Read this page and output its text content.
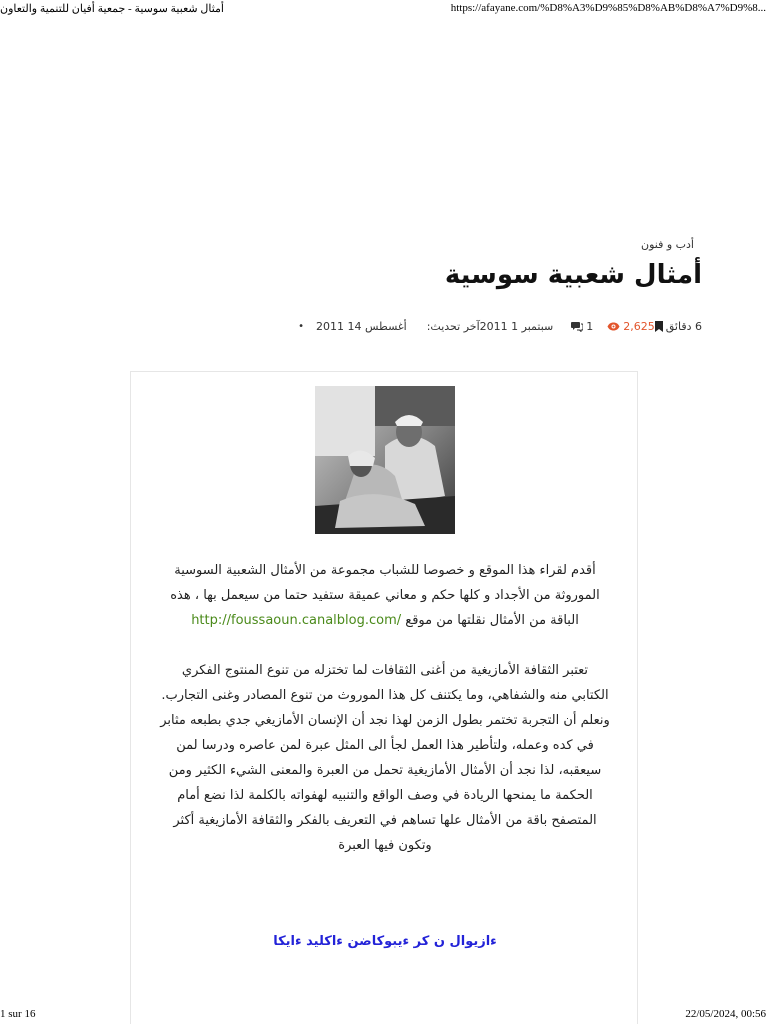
أمثال شعبية سوسية - جمعية أفيان للتنمية والتعاون	https://afayane.com/%D8%A3%D9%85%D8%AB%D8%A7%D9%8...
أدب و فنون
أمثال شعبية سوسية
• أغسطس 14 2011 آخر تحديث: سبتمبر 1 2011	1	2,625 6 دقائق
أقدم لقراء هذا الموقع و خصوصا للشباب مجموعة من الأمثال الشعبية السوسية
الموروثة من الأجداد و كلها حكم و معاني عميقة ستفيد حتما من سيعمل بها ، هذه
الباقة من الأمثال نقلتها من موقع http://foussaoun.canalblog.com/
تعتبر الثقافة الأمازيغية من أغنى الثقافات لما تختزله من تنوع المنتوج الفكري
الكتابي منه والشفاهي، وما يكتنف كل هذا الموروث من تنوع المصادر وغنى التجارب.
ونعلم أن التجربة تختمر بطول الزمن لهذا نجد أن الإنسان الأمازيغي جدي بطبعه مثابر
في كده وعمله، ولتأطير هذا العمل لجأ الى المثل عبرة لمن عاصره ودرسا لمن
سيعقبه، لذا نجد أن الأمثال الأمازيغية تحمل من العبرة والمعنى الشيء الكثير ومن
الحكمة ما يمنحها الريادة في وصف الواقع والتنبيه لهفواته بالكلمة لذا نضع أمام
المتصفح باقة من الأمثال علها تساهم في التعريف بالفكر والثقافة الأمازيغية أكثر
وتكون فيها العبرة
ءازيوال ن كر ءيبوكاضن ءاكليد ءايكا
1 sur 16	22/05/2024, 00:56
